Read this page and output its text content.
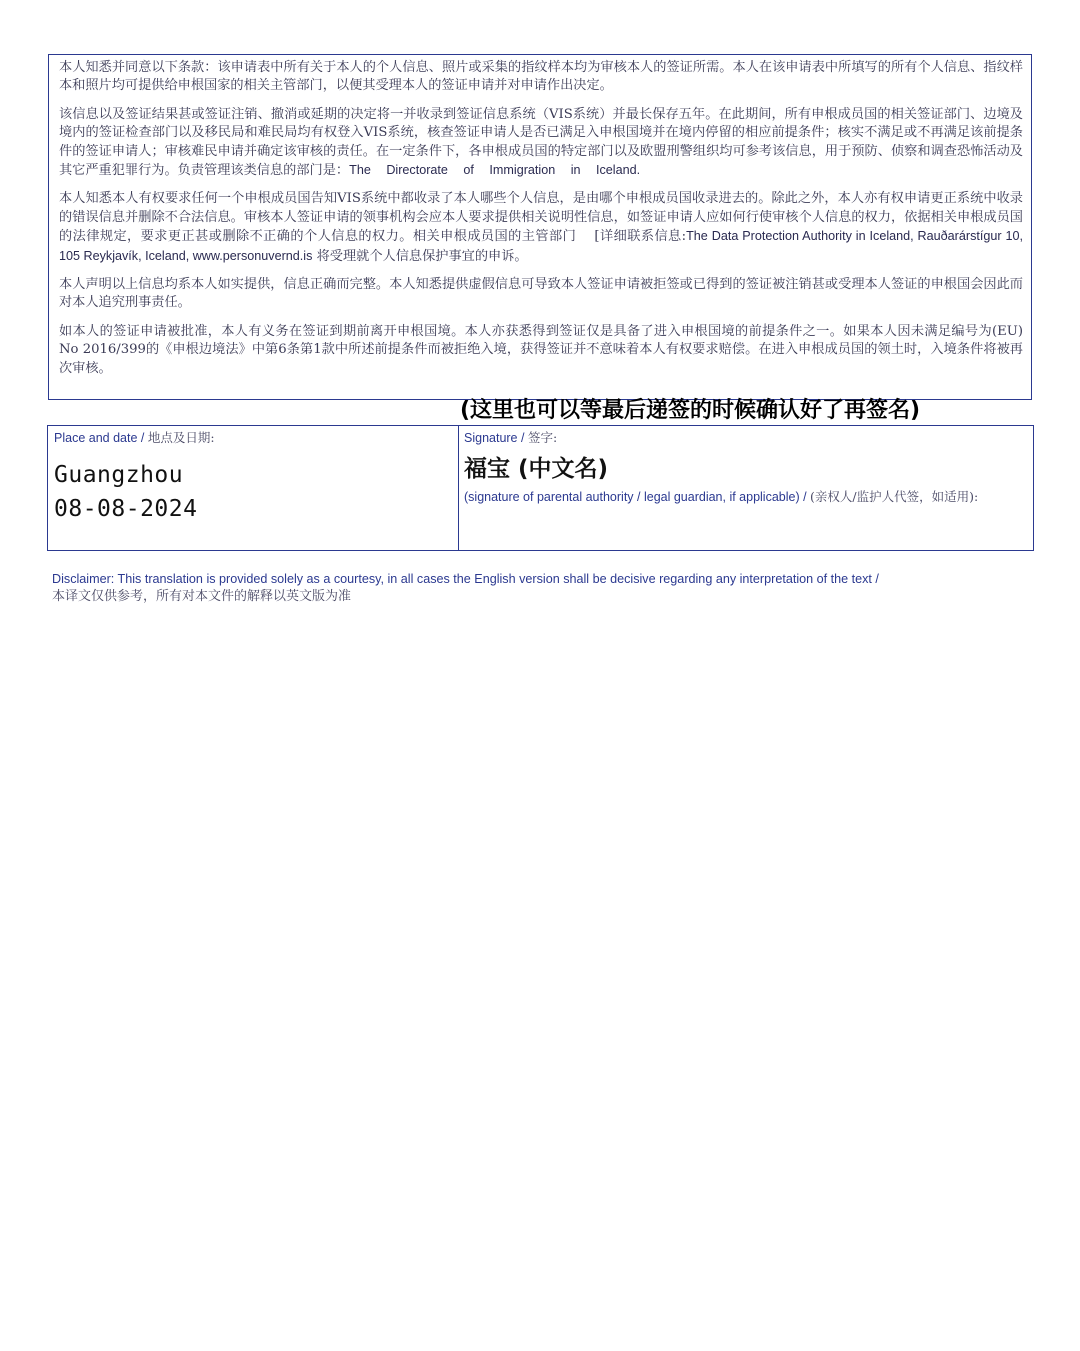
本人知悉并同意以下条款：该申请表中所有关于本人的个人信息、照片或采集的指纹样本均为审核本人的签证所需。本人在该申请表中所填写的所有个人信息、指纹样本和照片均可提供给申根国家的相关主管部门，以便其受理本人的签证申请并对申请作出决定。

该信息以及签证结果甚或签证注销、撤消或延期的决定将一并收录到签证信息系统（VIS系统）并最长保存五年。在此期间，所有申根成员国的相关签证部门、边境及境内的签证检查部门以及移民局和难民局均有权登入VIS系统，核查签证申请人是否已满足入申根国境并在境内停留的相应前提条件；核实不满足或不再满足该前提条件的签证申请人；审核难民申请并确定该审核的责任。在一定条件下，各申根成员国的特定部门以及欧盟刑警组织均可参考该信息，用于预防、侦察和调查恐怖活动及其它严重犯罪行为。负责管理该类信息的部门是：The Directorate of Immigration in Iceland.

本人知悉本人有权要求任何一个申根成员国告知VIS系统中都收录了本人哪些个人信息，是由哪个申根成员国收录进去的。除此之外，本人亦有权申请更正系统中收录的错误信息并删除不合法信息。审核本人签证申请的领事机构会应本人要求提供相关说明性信息，如签证申请人应如何行使审核个人信息的权力，依据相关申根成员国的法律规定，要求更正甚或删除不正确的个人信息的权力。相关申根成员国的主管部门　 [详细联系信息:The Data Protection Authority in Iceland, Rauðarárstígur 10, 105 Reykjavík, Iceland, www.personuvernd.is 将受理就个人信息保护事宜的申诉。

本人声明以上信息均系本人如实提供，信息正确而完整。本人知悉提供虚假信息可导致本人签证申请被拒签或已得到的签证被注销甚或受理本人签证的申根国会因此而对本人追究刑事责任。

如本人的签证申请被批准，本人有义务在签证到期前离开申根国境。本人亦获悉得到签证仅是具备了进入申根国境的前提条件之一。如果本人因未满足编号为(EU) No 2016/399的《申根边境法》中第6条第1款中所述前提条件而被拒绝入境，获得签证并不意味着本人有权要求赔偿。在进入申根成员国的领土时，入境条件将被再次审核。

(这里也可以等最后递签的时候确认好了再签名)
Place and date / 地点及日期:
Guangzhou
08-08-2024
Signature / 签字:
福宝 (中文名)
(signature of parental authority / legal guardian, if applicable) / (亲权人/监护人代签，如适用):
Disclaimer: This translation is provided solely as a courtesy, in all cases the English version shall be decisive regarding any interpretation of the text /
本译文仅供参考，所有对本文件的解释以英文版为准
